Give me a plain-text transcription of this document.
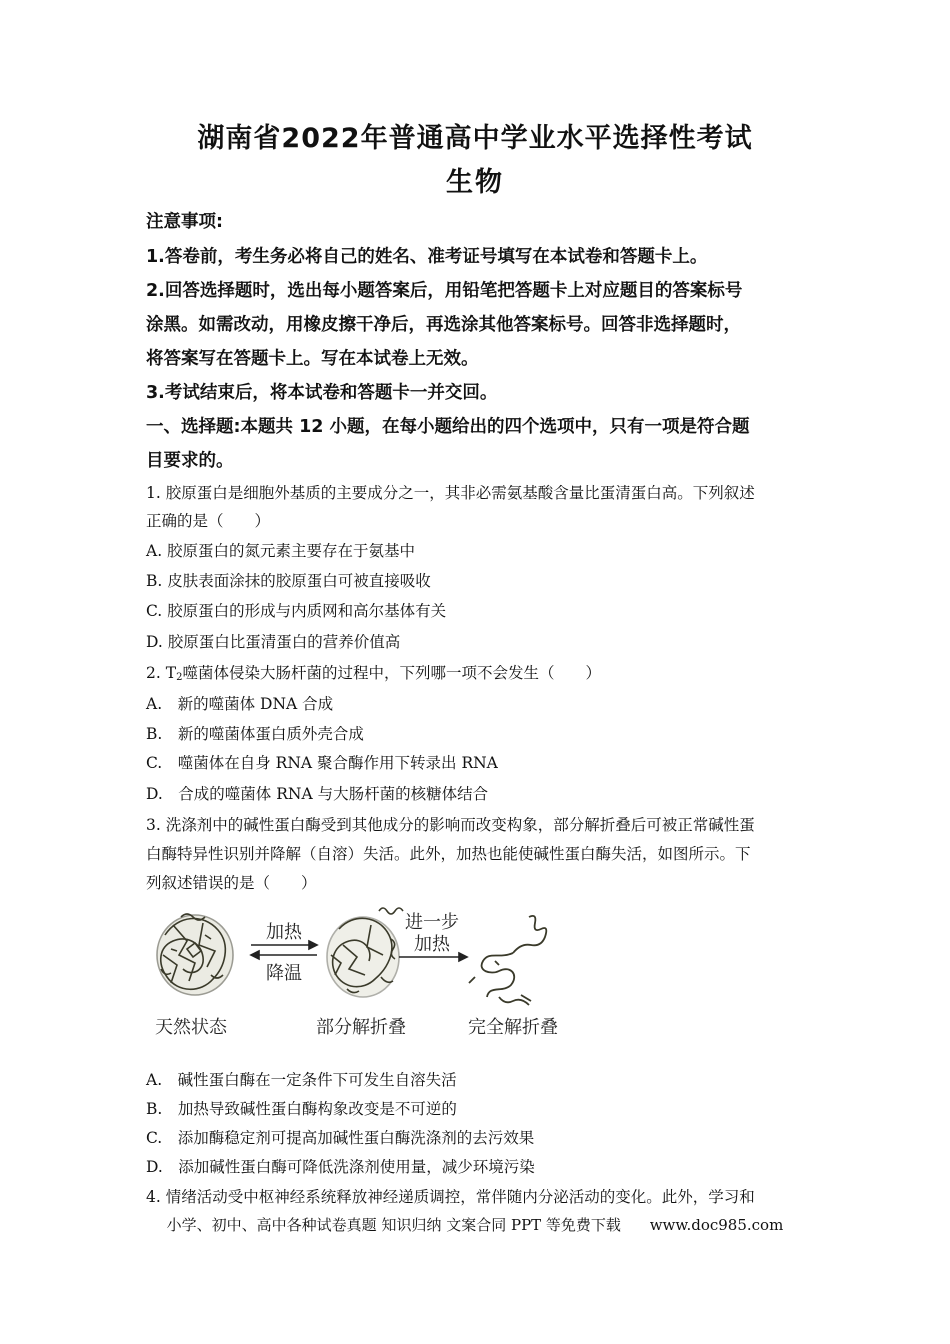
湖南省2022年普通高中学业水平选择性考试
生物
注意事项:
1.答卷前，考生务必将自己的姓名、准考证号填写在本试卷和答题卡上。
2.回答选择题时，选出每小题答案后，用铅笔把答题卡上对应题目的答案标号
涂黑。如需改动，用橡皮擦干净后，再选涂其他答案标号。回答非选择题时，
将答案写在答题卡上。写在本试卷上无效。
3.考试结束后，将本试卷和答题卡一并交回。
一、选择题:本题共 12 小题，在每小题给出的四个选项中，只有一项是符合题
目要求的。
1. 胶原蛋白是细胞外基质的主要成分之一，其非必需氨基酸含量比蛋清蛋白高。下列叙述
正确的是（　　）
A. 胶原蛋白的氮元素主要存在于氨基中
B. 皮肤表面涂抹的胶原蛋白可被直接吸收
C. 胶原蛋白的形成与内质网和高尔基体有关
D. 胶原蛋白比蛋清蛋白的营养价值高
2. $T_2$噬菌体侵染大肠杆菌的过程中，下列哪一项不会发生（　　）
A.　新的噬菌体 DNA 合成
B.　新的噬菌体蛋白质外壳合成
C.　噬菌体在自身 RNA 聚合酶作用下转录出 RNA
D.　合成的噬菌体 RNA 与大肠杆菌的核糖体结合
3. 洗涤剂中的碱性蛋白酶受到其他成分的影响而改变构象，部分解折叠后可被正常碱性蛋
白酶特异性识别并降解（自溶）失活。此外，加热也能使碱性蛋白酶失活，如图所示。下
列叙述错误的是（　　）
加热
降温
进一步
加热
天然状态	部分解折叠	完全解折叠
A.　碱性蛋白酶在一定条件下可发生自溶失活
B.　加热导致碱性蛋白酶构象改变是不可逆的
C.　添加酶稳定剂可提高加碱性蛋白酶洗涤剂的去污效果
D.　添加碱性蛋白酶可降低洗涤剂使用量，减少环境污染
4. 情绪活动受中枢神经系统释放神经递质调控，常伴随内分泌活动的变化。此外，学习和
小学、初中、高中各种试卷真题 知识归纳 文案合同 PPT 等免费下载 www.doc985.com
